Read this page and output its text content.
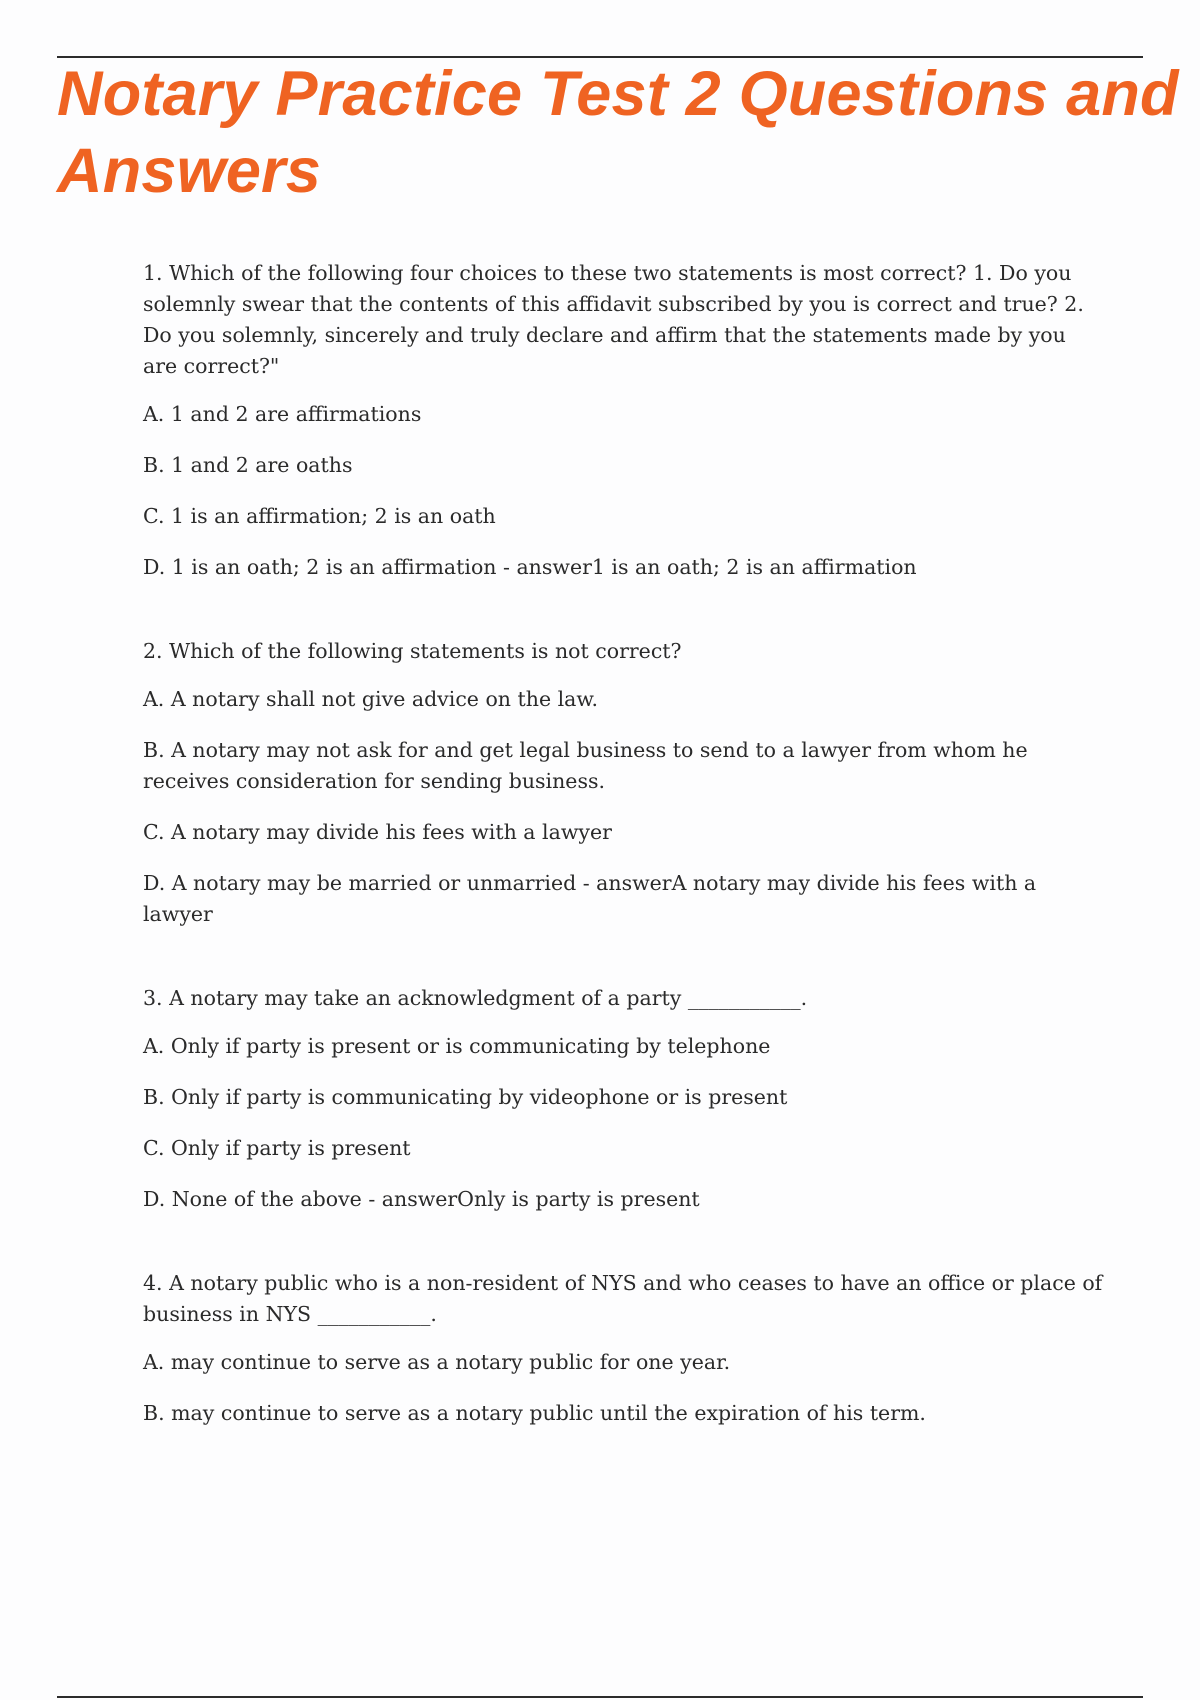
Notary Practice Test 2 Questions and Answers

1. Which of the following four choices to these two statements is most correct? 1. Do you solemnly swear that the contents of this affidavit subscribed by you is correct and true? 2. Do you solemnly, sincerely and truly declare and affirm that the statements made by you are correct?"

A. 1 and 2 are affirmations

B. 1 and 2 are oaths

C. 1 is an affirmation; 2 is an oath

D. 1 is an oath; 2 is an affirmation - answer1 is an oath; 2 is an affirmation

2. Which of the following statements is not correct?

A. A notary shall not give advice on the law.

B. A notary may not ask for and get legal business to send to a lawyer from whom he receives consideration for sending business.

C. A notary may divide his fees with a lawyer

D. A notary may be married or unmarried - answerA notary may divide his fees with a lawyer

3. A notary may take an acknowledgment of a party ___________.

A. Only if party is present or is communicating by telephone

B. Only if party is communicating by videophone or is present

C. Only if party is present

D. None of the above - answerOnly is party is present

4. A notary public who is a non-resident of NYS and who ceases to have an office or place of business in NYS ___________.

A. may continue to serve as a notary public for one year.

B. may continue to serve as a notary public until the expiration of his term.
